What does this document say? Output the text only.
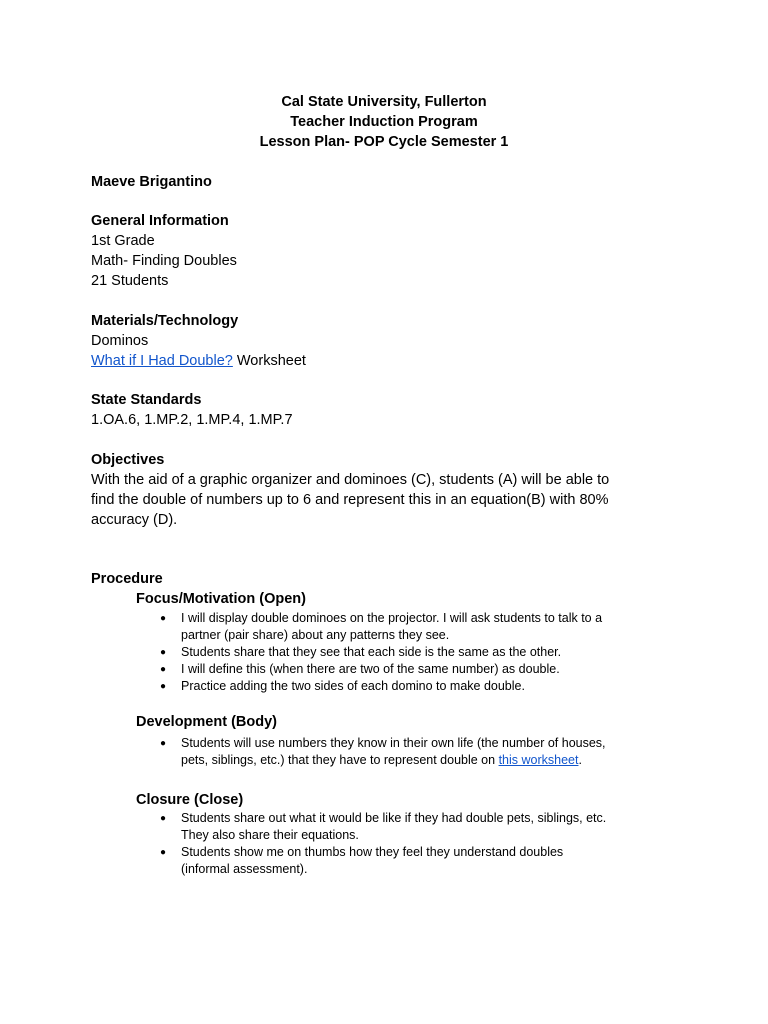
Cal State University, Fullerton
Teacher Induction Program
Lesson Plan- POP Cycle Semester 1
Maeve Brigantino
General Information
1st Grade
Math- Finding Doubles
21 Students
Materials/Technology
Dominos
What if I Had Double? Worksheet
State Standards
1.OA.6, 1.MP.2, 1.MP.4, 1.MP.7
Objectives
With the aid of a graphic organizer and dominoes (C), students (A) will be able to
find the double of numbers up to 6 and represent this in an equation(B) with 80%
accuracy (D).
Procedure
Focus/Motivation (Open)
● I will display double dominoes on the projector. I will ask students to talk to a
partner (pair share) about any patterns they see.
● Students share that they see that each side is the same as the other.
● I will define this (when there are two of the same number) as double.
● Practice adding the two sides of each domino to make double.
Development (Body)
● Students will use numbers they know in their own life (the number of houses,
pets, siblings, etc.) that they have to represent double on this worksheet.
Closure (Close)
● Students share out what it would be like if they had double pets, siblings, etc.
They also share their equations.
● Students show me on thumbs how they feel they understand doubles
(informal assessment).
